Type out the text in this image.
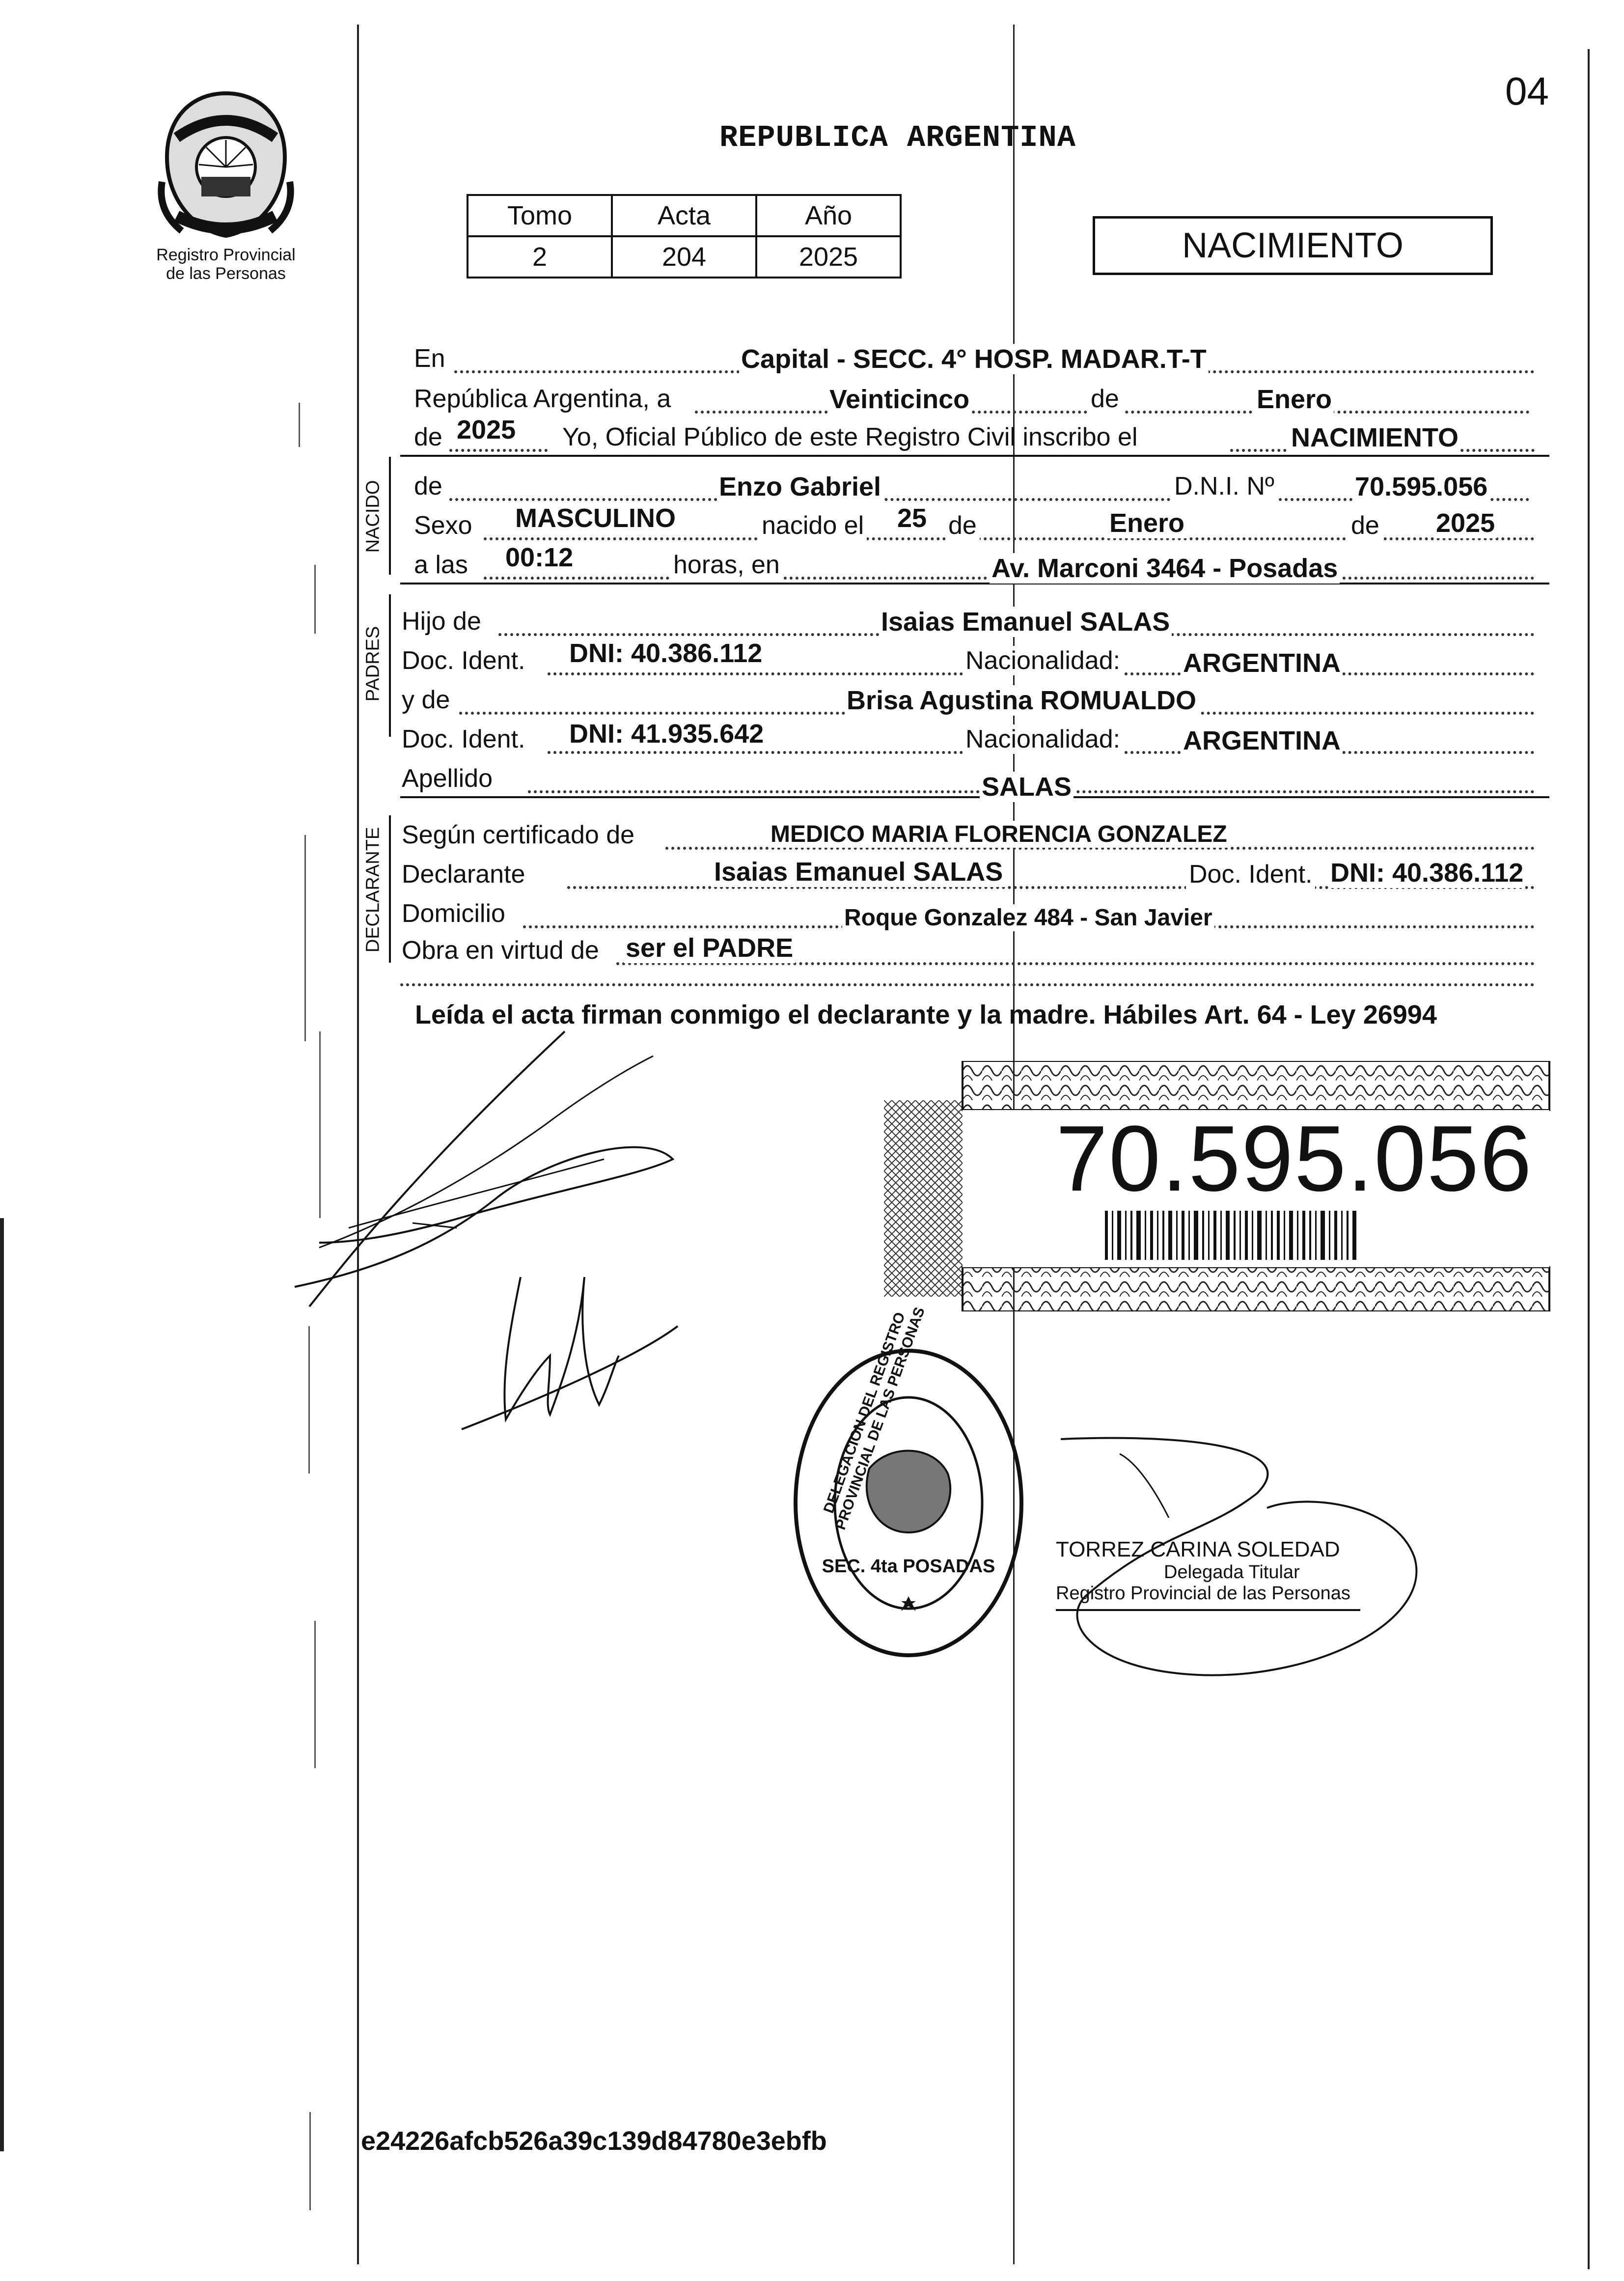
Registro Provincial
de las Personas
REPUBLICA ARGENTINA
04
Tomo	Acta	Año
2	204	2025	NACIMIENTO
En	Capital - SECC. 4° HOSP. MADAR.T-T
República Argentina, a	Veinticinco	de	Enero
de 2025 Yo, Oficial Público de este Registro Civil inscribo el	NACIMIENTO
NACIDO de	Enzo Gabriel	D.N.I. Nº	70.595.056
Sexo MASCULINO	nacido el 25 de	Enero	de 2025
a las 00:12	horas, en	Av. Marconi 3464 - Posadas
PADRES
Hijo de	Isaias Emanuel SALAS
Doc. Ident. DNI: 40.386.112	Nacionalidad: ARGENTINA
y de	Brisa Agustina ROMUALDO
Doc. Ident. DNI: 41.935.642	Nacionalidad: ARGENTINA
Apellido	SALAS
DECLARANTE Según certificado de	MEDICO MARIA FLORENCIA GONZALEZ
Declarante	Isaias Emanuel SALAS	Doc. Ident. DNI: 40.386.112
Domicilio	Roque Gonzalez 484 - San Javier
Obra en virtud de ser el PADRE
Leída el acta firman conmigo el declarante y la madre. Hábiles Art. 64 - Ley 26994
70.595.056
DELEGACION DEL REGISTRO PROVINCIAL DE LAS PERSONAS
SEC. 4ta POSADAS
TORREZ CARINA SOLEDAD
Delegada Titular
Registro Provincial de las Personas
e24226afcb526a39c139d84780e3ebfb
